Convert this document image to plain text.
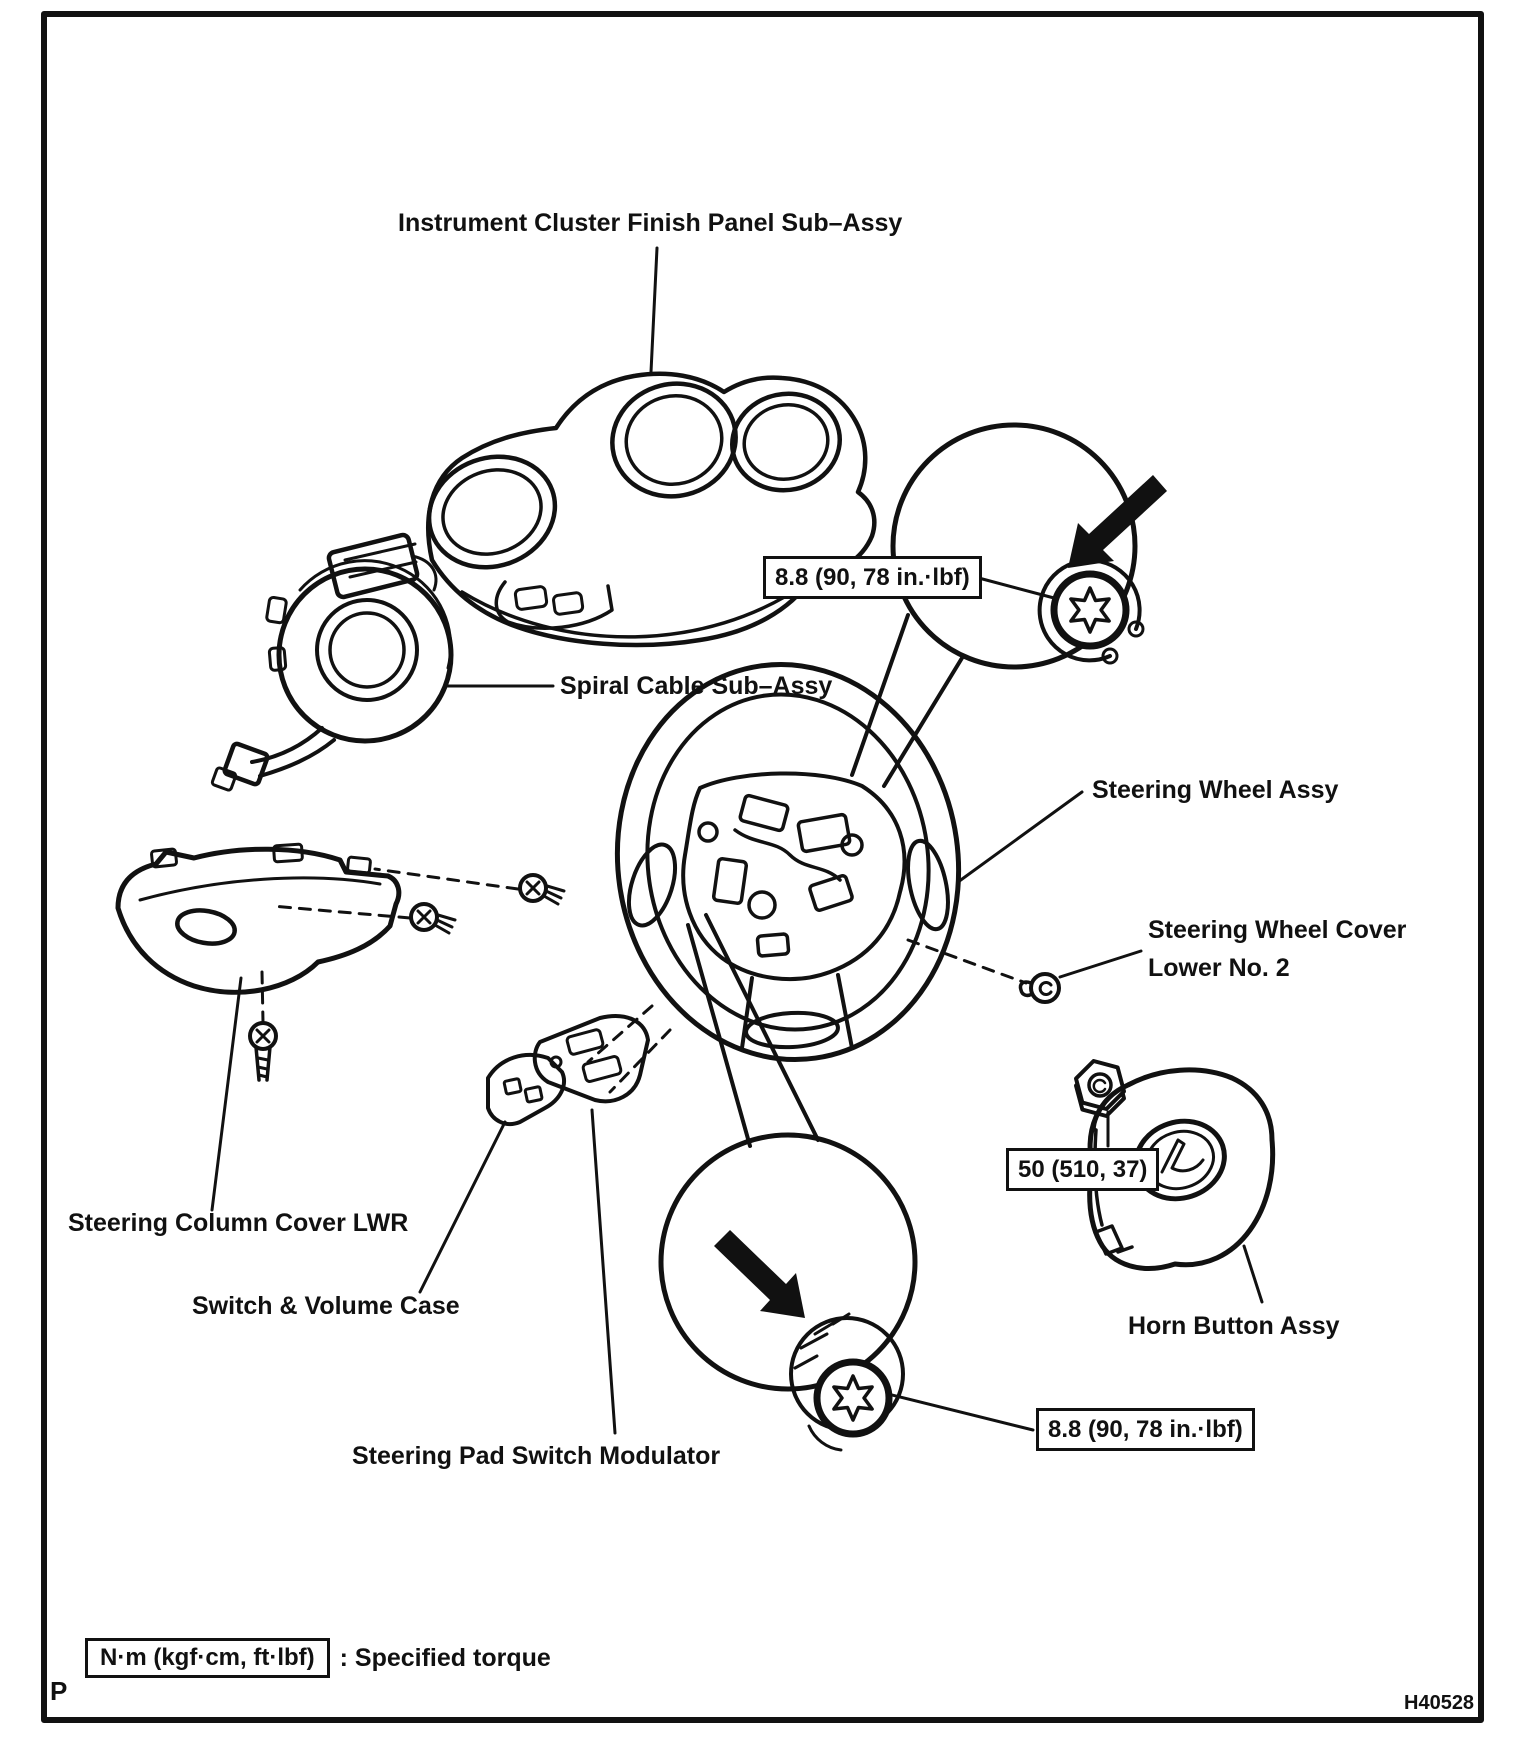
Instrument Cluster Finish Panel Sub–Assy
Spiral Cable Sub–Assy
Steering Wheel Assy
Steering Wheel Cover
Lower No. 2
Steering Column Cover LWR
Switch & Volume Case
Horn Button Assy
Steering Pad Switch Modulator
8.8 (90, 78 in.·lbf)
50 (510, 37)
8.8 (90, 78 in.·lbf)
N·m (kgf·cm, ft·lbf)	: Specified torque
P	H40528
